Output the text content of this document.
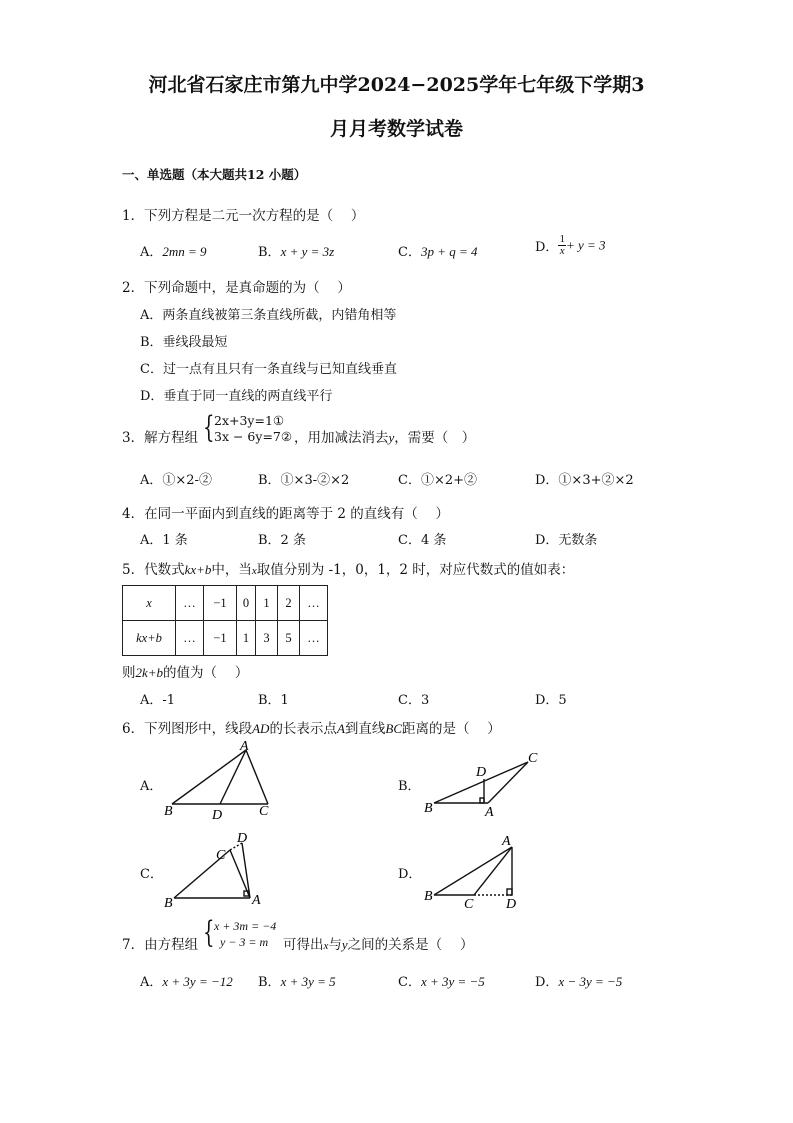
河北省石家庄市第九中学2024−2025学年七年级下学期3
月月考数学试卷
一、单选题（本大题共12 小题）
1．下列方程是二元一次方程的是（　 ）
A．2mn = 9	B．x + y = 3z	C．3p + q = 4	D． $\frac{1}{x} + y = 3$
2．下列命题中，是真命题的为（　 ）
A．两条直线被第三条直线所截，内错角相等
B．垂线段最短
C．过一点有且只有一条直线与已知直线垂直
D．垂直于同一直线的两直线平行
3．解方程组 { 2x+3y=1①
3x − 6y=7② ，用加减法消去y，需要（　）
A．①×2-②	B．①×3-②×2	C．①×2+②	D．①×3+②×2
4．在同一平面内到直线的距离等于 2 的直线有（　 ）
A．1 条	B．2 条	C．4 条	D．无数条
5．代数式kx+b中，当x取值分别为 -1，0，1，2 时，对应代数式的值如表：
x	…	−1	0	1	2	…
kx+b	…	−1	1	3	5	…
则2k+b的值为（　 ）
A．-1	B．1	C．3	D．5
6．下列图形中，线段AD的长表示点A到直线BC距离的是（　 ）
A．	B．
C．	D．
A
B	D	C
D
C
B	A
D
C
B	A
A
B
C D
7．由方程组 { x + 3m = −4
y − 3 = m	可得出x与y之间的关系是（　 ）
A．x + 3y = −12 B．x + 3y = 5	C．x + 3y = −5	D．x − 3y = −5
